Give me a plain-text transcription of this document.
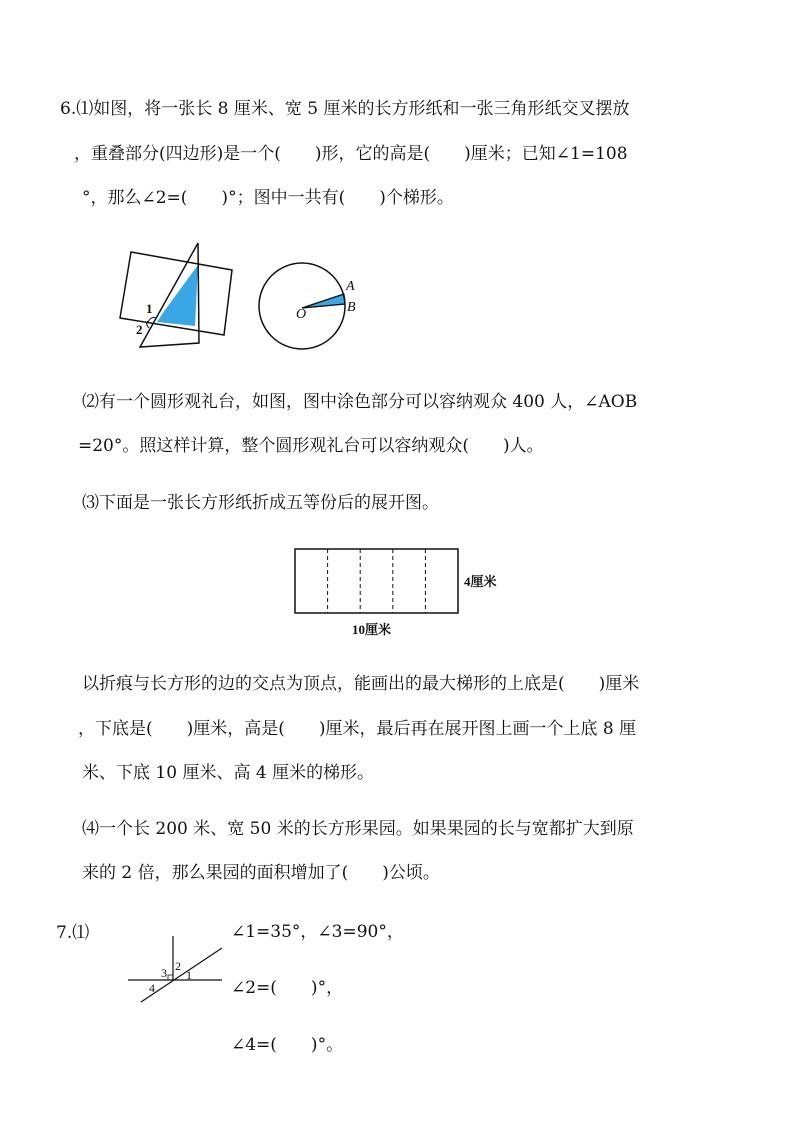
6.⑴如图，将一张长 8 厘米、宽 5 厘米的长方形纸和一张三角形纸交叉摆放
，重叠部分(四边形)是一个(　　)形，它的高是(　　)厘米；已知∠1=108
°，那么∠2=(　　)°；图中一共有(　　)个梯形。
1
2
O
A
B
⑵有一个圆形观礼台，如图，图中涂色部分可以容纳观众 400 人，∠AOB
=20°。照这样计算，整个圆形观礼台可以容纳观众(　　)人。
⑶下面是一张长方形纸折成五等份后的展开图。
4厘米
10厘米
以折痕与长方形的边的交点为顶点，能画出的最大梯形的上底是(　　)厘米
，下底是(　　)厘米，高是(　　)厘米，最后再在展开图上画一个上底 8 厘
米、下底 10 厘米、高 4 厘米的梯形。
⑷一个长 200 米、宽 50 米的长方形果园。如果果园的长与宽都扩大到原
来的 2 倍，那么果园的面积增加了(　　)公顷。
7.⑴
3 2
1
4
∠1=35°，∠3=90°，
∠2=(　　)°，
∠4=(　　)°。
